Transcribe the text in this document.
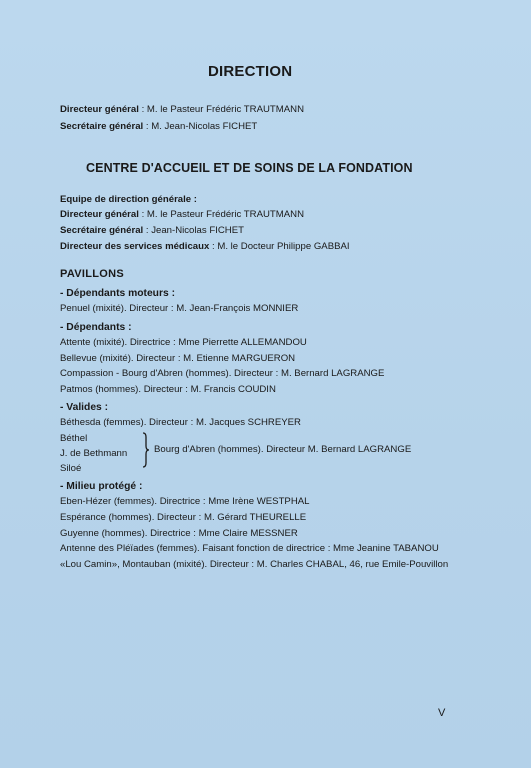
DIRECTION
Directeur général : M. le Pasteur Frédéric TRAUTMANN
Secrétaire général : M. Jean-Nicolas FICHET
CENTRE D'ACCUEIL ET DE SOINS DE LA FONDATION
Equipe de direction générale :
Directeur général : M. le Pasteur Frédéric TRAUTMANN
Secrétaire général : Jean-Nicolas FICHET
Directeur des services médicaux : M. le Docteur Philippe GABBAI
PAVILLONS
- Dépendants moteurs :
Penuel (mixité). Directeur : M. Jean-François MONNIER
- Dépendants :
Attente (mixité). Directrice : Mme Pierrette ALLEMANDOU
Bellevue (mixité). Directeur : M. Etienne MARGUERON
Compassion - Bourg d'Abren (hommes). Directeur : M. Bernard LAGRANGE
Patmos (hommes). Directeur : M. Francis COUDIN
- Valides :
Béthesda (femmes). Directeur : M. Jacques SCHREYER
Béthel
J. de Bethmann
Siloé
Bourg d'Abren (hommes). Directeur M. Bernard LAGRANGE
- Milieu protégé :
Eben-Hézer (femmes). Directrice : Mme Irène WESTPHAL
Espérance (hommes). Directeur : M. Gérard THEURELLE
Guyenne (hommes). Directrice : Mme Claire MESSNER
Antenne des Pléïades (femmes). Faisant fonction de directrice : Mme Jeanine TABANOU
«Lou Camin», Montauban (mixité). Directeur : M. Charles CHABAL, 46, rue Emile-Pouvillon
V
